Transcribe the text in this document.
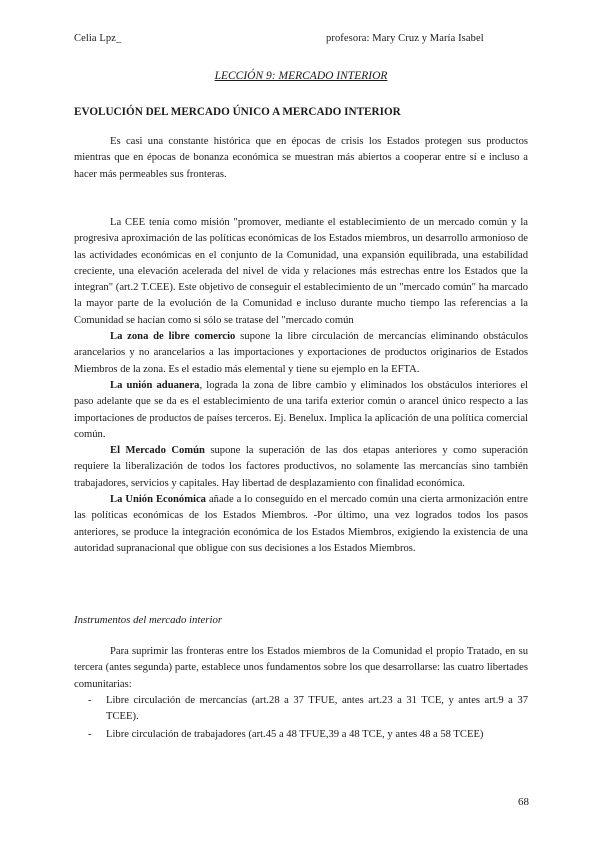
Celia Lpz_	profesora: Mary Cruz y María Isabel
LECCIÓN 9: MERCADO INTERIOR
EVOLUCIÓN DEL MERCADO ÚNICO A MERCADO INTERIOR

Es casi una constante histórica que en épocas de crisis los Estados protegen sus productos mientras que en épocas de bonanza económica se muestran más abiertos a cooperar entre sí e incluso a hacer más permeables sus fronteras.

La CEE tenía como misión "promover, mediante el establecimiento de un mercado común y la progresiva aproximación de las políticas económicas de los Estados miembros, un desarrollo armonioso de las actividades económicas en el conjunto de la Comunidad, una expansión equilibrada, una estabilidad creciente, una elevación acelerada del nivel de vida y relaciones más estrechas entre los Estados que la integran" (art.2 T.CEE). Este objetivo de conseguir el establecimiento de un "mercado común" ha marcado la mayor parte de la evolución de la Comunidad e incluso durante mucho tiempo las referencias a la Comunidad se hacían como si sólo se tratase del "mercado común

La zona de libre comercio supone la libre circulación de mercancías eliminando obstáculos arancelarios y no arancelarios a las importaciones y exportaciones de productos originarios de Estados Miembros de la zona. Es el estadio más elemental y tiene su ejemplo en la EFTA.

La unión aduanera, lograda la zona de libre cambio y eliminados los obstáculos interiores el paso adelante que se da es el establecimiento de una tarifa exterior común o arancel único respecto a las importaciones de productos de países terceros. Ej. Benelux. Implica la aplicación de una política comercial común.

El Mercado Común supone la superación de las dos etapas anteriores y como superación requiere la liberalización de todos los factores productivos, no solamente las mercancías sino también trabajadores, servicios y capitales. Hay libertad de desplazamiento con finalidad económica.

La Unión Económica añade a lo conseguido en el mercado común una cierta armonización entre las políticas económicas de los Estados Miembros. -Por último, una vez logrados todos los pasos anteriores, se produce la integración económica de los Estados Miembros, exigiendo la existencia de una autoridad supranacional que obligue con sus decisiones a los Estados Miembros.

Instrumentos del mercado interior

Para suprimir las fronteras entre los Estados miembros de la Comunidad el propio Tratado, en su tercera (antes segunda) parte, establece unos fundamentos sobre los que desarrollarse: las cuatro libertades comunitarias:

-	Libre circulación de mercancías (art.28 a 37 TFUE, antes art.23 a 31 TCE, y antes art.9 a 37 TCEE).
-	Libre circulación de trabajadores (art.45 a 48 TFUE,39 a 48 TCE, y antes 48 a 58 TCEE)
68
